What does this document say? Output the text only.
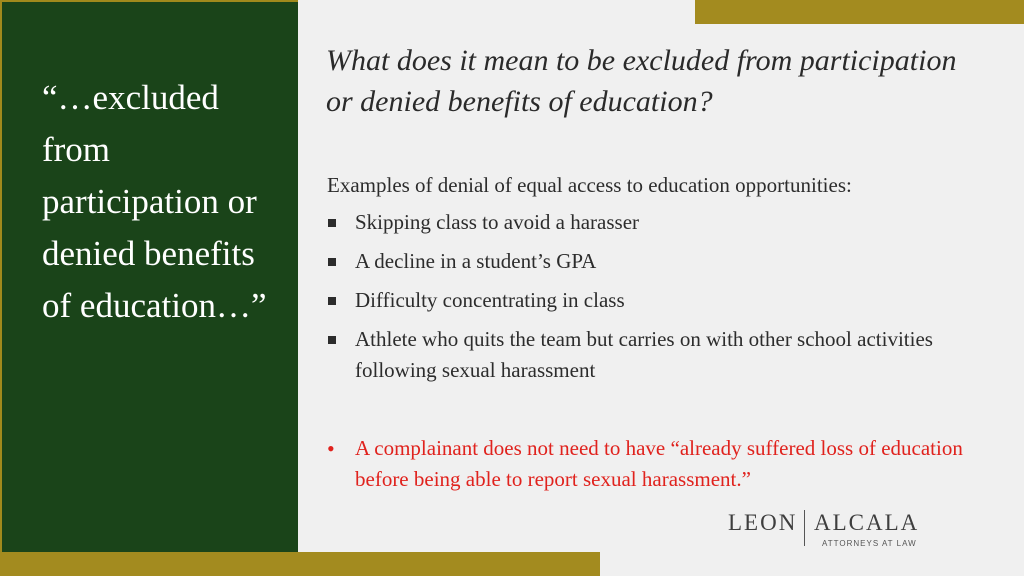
“…excluded from participation or denied benefits of education…”

What does it mean to be excluded from participation or denied benefits of education?

Examples of denial of equal access to education opportunities:

Skipping class to avoid a harasser
A decline in a student’s GPA
Difficulty concentrating in class
Athlete who quits the team but carries on with other school activities following sexual harassment

• A complainant does not need to have “already suffered loss of education before being able to report sexual harassment.”

LEON ALCALA
ATTORNEYS AT LAW
